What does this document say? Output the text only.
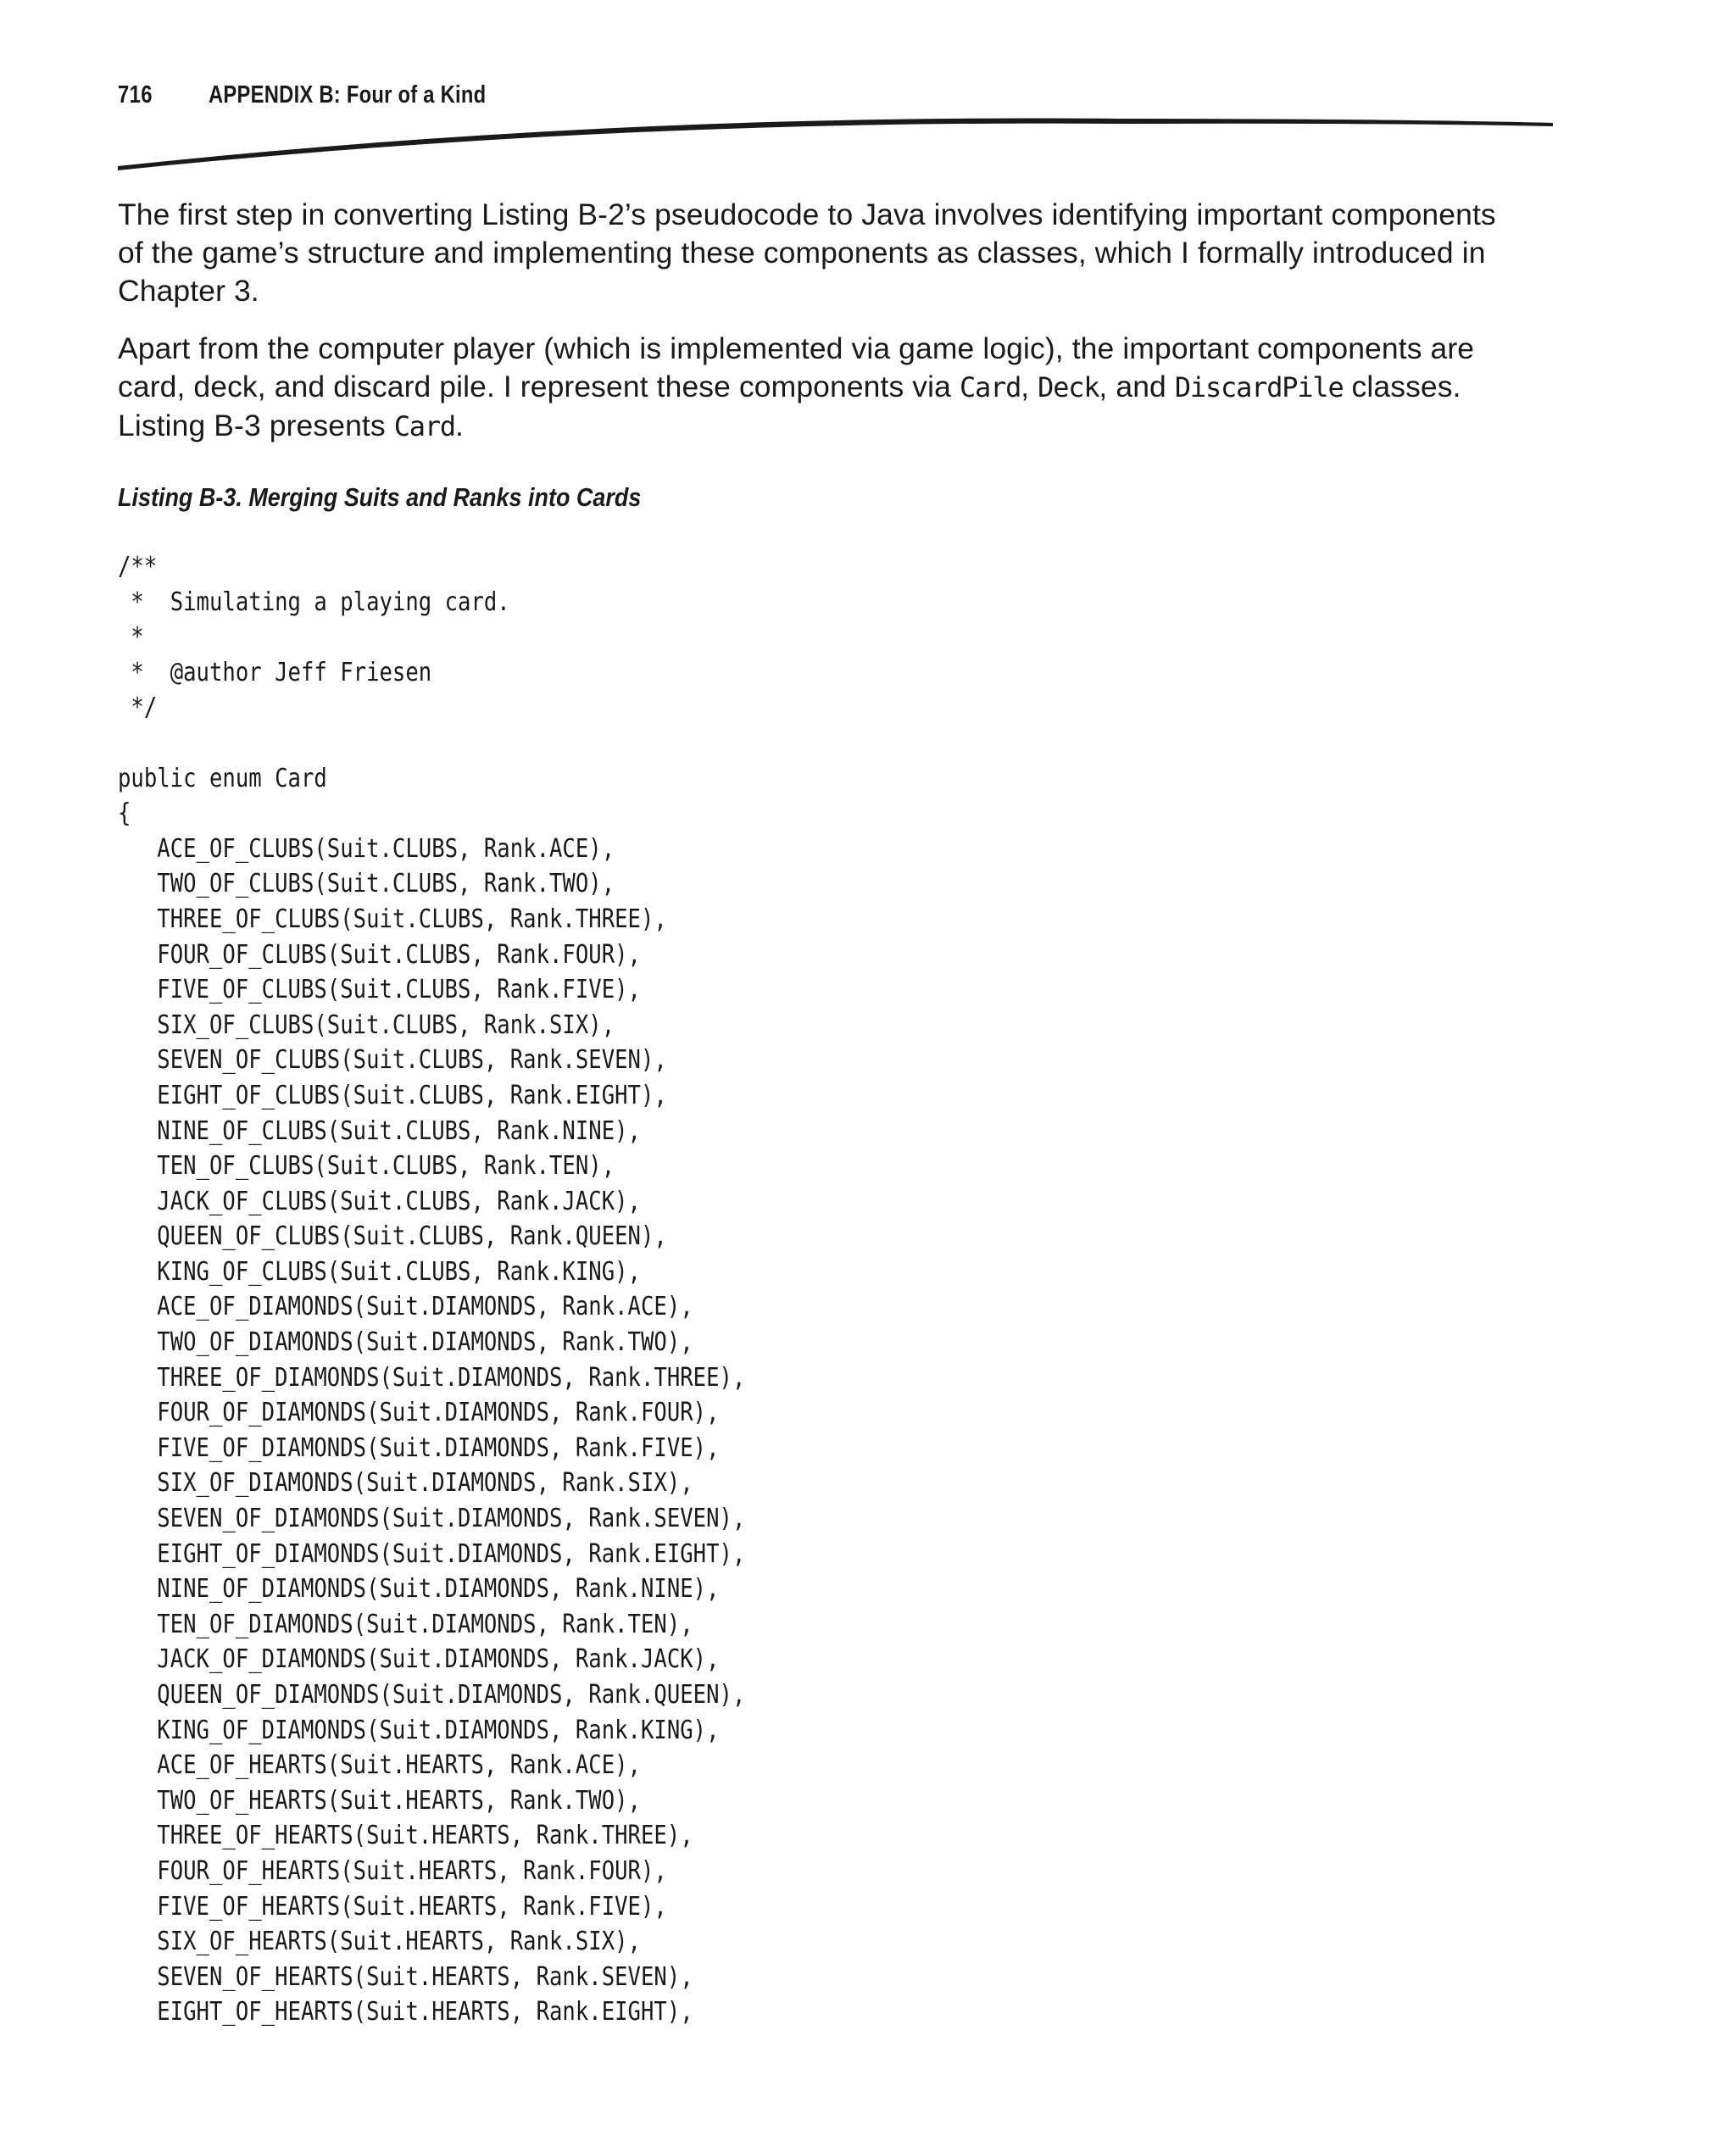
716 APPENDIX B: Four of a Kind

The first step in converting Listing B-2’s pseudocode to Java involves identifying important components of the game’s structure and implementing these components as classes, which I formally introduced in Chapter 3.

Apart from the computer player (which is implemented via game logic), the important components are card, deck, and discard pile. I represent these components via Card, Deck, and DiscardPile classes. Listing B-3 presents Card.

Listing B-3. Merging Suits and Ranks into Cards

/**
*  Simulating a playing card.
*
*  @author Jeff Friesen
*/
public enum Card
{
ACE_OF_CLUBS(Suit.CLUBS, Rank.ACE),
TWO_OF_CLUBS(Suit.CLUBS, Rank.TWO),
THREE_OF_CLUBS(Suit.CLUBS, Rank.THREE),
FOUR_OF_CLUBS(Suit.CLUBS, Rank.FOUR),
FIVE_OF_CLUBS(Suit.CLUBS, Rank.FIVE),
SIX_OF_CLUBS(Suit.CLUBS, Rank.SIX),
SEVEN_OF_CLUBS(Suit.CLUBS, Rank.SEVEN),
EIGHT_OF_CLUBS(Suit.CLUBS, Rank.EIGHT),
NINE_OF_CLUBS(Suit.CLUBS, Rank.NINE),
TEN_OF_CLUBS(Suit.CLUBS, Rank.TEN),
JACK_OF_CLUBS(Suit.CLUBS, Rank.JACK),
QUEEN_OF_CLUBS(Suit.CLUBS, Rank.QUEEN),
KING_OF_CLUBS(Suit.CLUBS, Rank.KING),
ACE_OF_DIAMONDS(Suit.DIAMONDS, Rank.ACE),
TWO_OF_DIAMONDS(Suit.DIAMONDS, Rank.TWO),
THREE_OF_DIAMONDS(Suit.DIAMONDS, Rank.THREE),
FOUR_OF_DIAMONDS(Suit.DIAMONDS, Rank.FOUR),
FIVE_OF_DIAMONDS(Suit.DIAMONDS, Rank.FIVE),
SIX_OF_DIAMONDS(Suit.DIAMONDS, Rank.SIX),
SEVEN_OF_DIAMONDS(Suit.DIAMONDS, Rank.SEVEN),
EIGHT_OF_DIAMONDS(Suit.DIAMONDS, Rank.EIGHT),
NINE_OF_DIAMONDS(Suit.DIAMONDS, Rank.NINE),
TEN_OF_DIAMONDS(Suit.DIAMONDS, Rank.TEN),
JACK_OF_DIAMONDS(Suit.DIAMONDS, Rank.JACK),
QUEEN_OF_DIAMONDS(Suit.DIAMONDS, Rank.QUEEN),
KING_OF_DIAMONDS(Suit.DIAMONDS, Rank.KING),
ACE_OF_HEARTS(Suit.HEARTS, Rank.ACE),
TWO_OF_HEARTS(Suit.HEARTS, Rank.TWO),
THREE_OF_HEARTS(Suit.HEARTS, Rank.THREE),
FOUR_OF_HEARTS(Suit.HEARTS, Rank.FOUR),
FIVE_OF_HEARTS(Suit.HEARTS, Rank.FIVE),
SIX_OF_HEARTS(Suit.HEARTS, Rank.SIX),
SEVEN_OF_HEARTS(Suit.HEARTS, Rank.SEVEN),
EIGHT_OF_HEARTS(Suit.HEARTS, Rank.EIGHT),
